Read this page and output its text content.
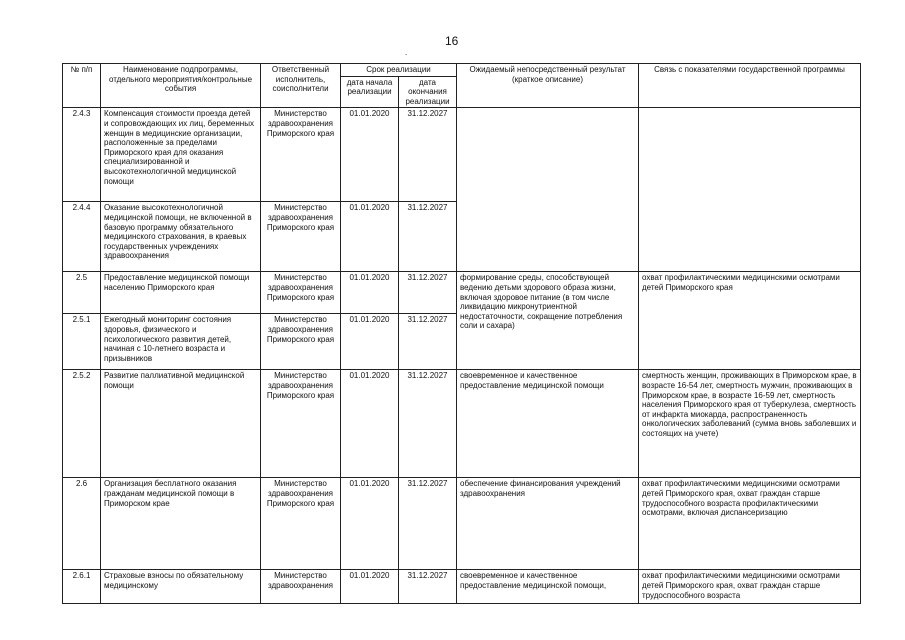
16
.
№ п/п	Наименование подпрограммы, отдельного мероприятия/контрольные события	Ответственный исполнитель, соисполнители	Срок реализации		Ожидаемый непосредственный результат (краткое описание)	Связь с показателями государственной программы
			дата начала реализации	дата окончания реализации		
2.4.3	Компенсация стоимости проезда детей и сопровождающих их лиц, беременных женщин в медицинские организации, расположенные за пределами Приморского края для оказания специализированной и высокотехнологичной медицинской помощи	Министерство здравоохранения Приморского края	01.01.2020	31.12.2027		
2.4.4	Оказание высокотехнологичной медицинской помощи, не включенной в базовую программу обязательного медицинского страхования, в краевых государственных учреждениях здравоохранения	Министерство здравоохранения Приморского края	01.01.2020	31.12.2027		
2.5	Предоставление медицинской помощи населению Приморского края	Министерство здравоохранения Приморского края	01.01.2020	31.12.2027	формирование среды, способствующей ведению детьми здорового образа жизни, включая здоровое питание (в том числе ликвидацию микронутриентной недостаточности, сокращение потребления соли и сахара)	охват профилактическими медицинскими осмотрами детей Приморского края
2.5.1	Ежегодный мониторинг состояния здоровья, физического и психологического развития детей, начиная с 10-летнего возраста и призывников	Министерство здравоохранения Приморского края	01.01.2020	31.12.2027		
2.5.2	Развитие паллиативной медицинской помощи	Министерство здравоохранения Приморского края	01.01.2020	31.12.2027	своевременное и качественное предоставление медицинской помощи	смертность женщин, проживающих в Приморском крае, в возрасте 16-54 лет, смертность мужчин, проживающих в Приморском крае, в возрасте 16-59 лет, смертность населения Приморского края от туберкулеза, смертность от инфаркта миокарда, распространенность онкологических заболеваний (сумма вновь заболевших и состоящих на учете)
2.6	Организация бесплатного оказания гражданам медицинской помощи в Приморском крае	Министерство здравоохранения Приморского края	01.01.2020	31.12.2027	обеспечение финансирования учреждений здравоохранения	охват профилактическими медицинскими осмотрами детей Приморского края, охват граждан старше трудоспособного возраста профилактическими осмотрами, включая диспансеризацию
2.6.1	Страховые взносы по обязательному медицинскому	Министерство здравоохранения	01.01.2020	31.12.2027	своевременное и качественное предоставление медицинской помощи,	охват профилактическими медицинскими осмотрами детей Приморского края, охват граждан старше трудоспособного возраста
